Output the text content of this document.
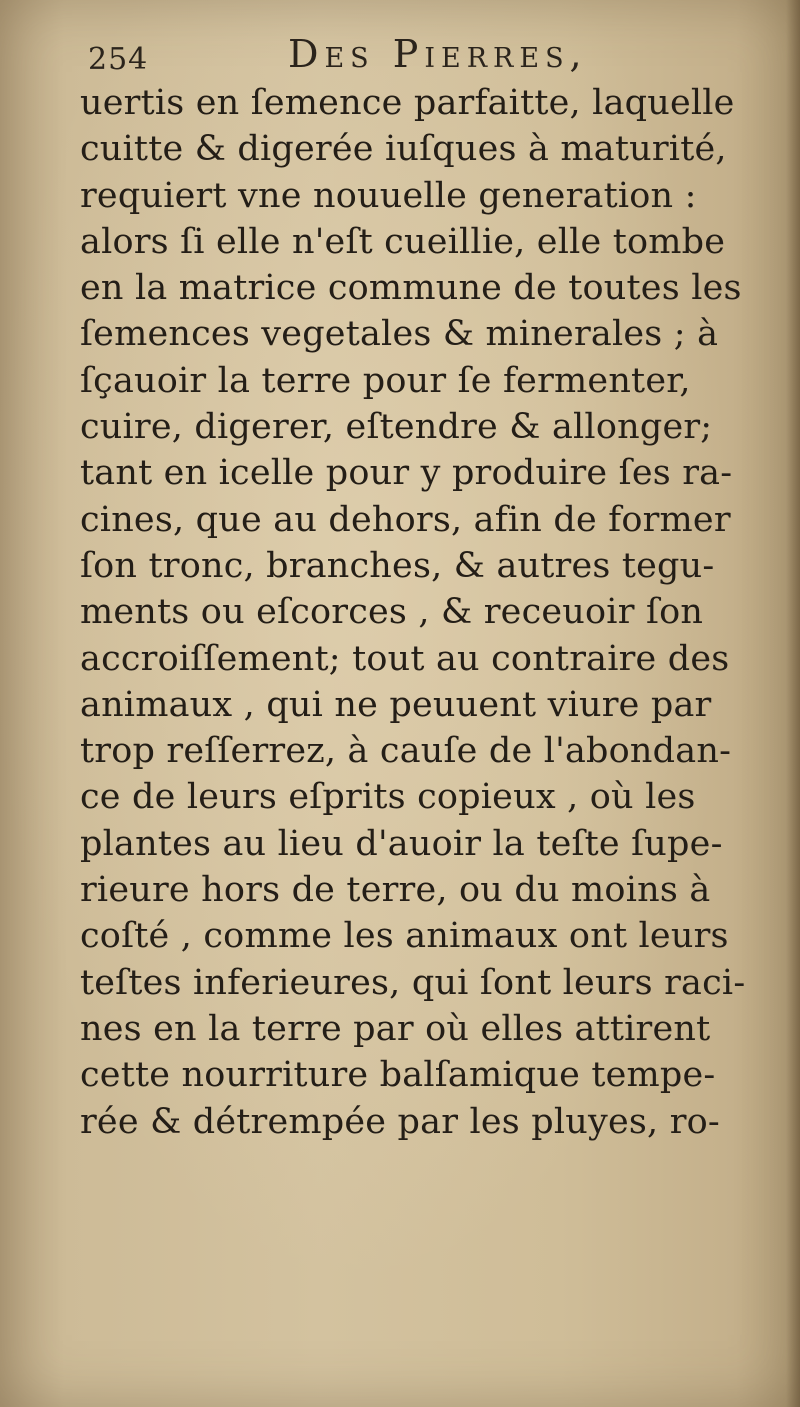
254	Des Pierres,
uertis en ſemence parfaitte, laquelle
cuitte & digerée iuſques à maturité,
requiert vne nouuelle generation :
alors ſi elle n'eſt cueillie, elle tombe
en la matrice commune de toutes les
ſemences vegetales & minerales ; à
ſçauoir la terre pour ſe fermenter,
cuire, digerer, eſtendre & allonger;
tant en icelle pour y produire ſes ra-
cines, que au dehors, afin de former
ſon tronc, branches, & autres tegu-
ments ou eſcorces , & receuoir ſon
accroiſſement; tout au contraire des
animaux , qui ne peuuent viure par
trop reſſerrez, à cauſe de l'abondan-
ce de leurs eſprits copieux , où les
plantes au lieu d'auoir la teſte ſupe-
rieure hors de terre, ou du moins à
coſté , comme les animaux ont leurs
teſtes inferieures, qui ſont leurs raci-
nes en la terre par où elles attirent
cette nourriture balſamique tempe-
rée & détrempée par les pluyes, ro-
